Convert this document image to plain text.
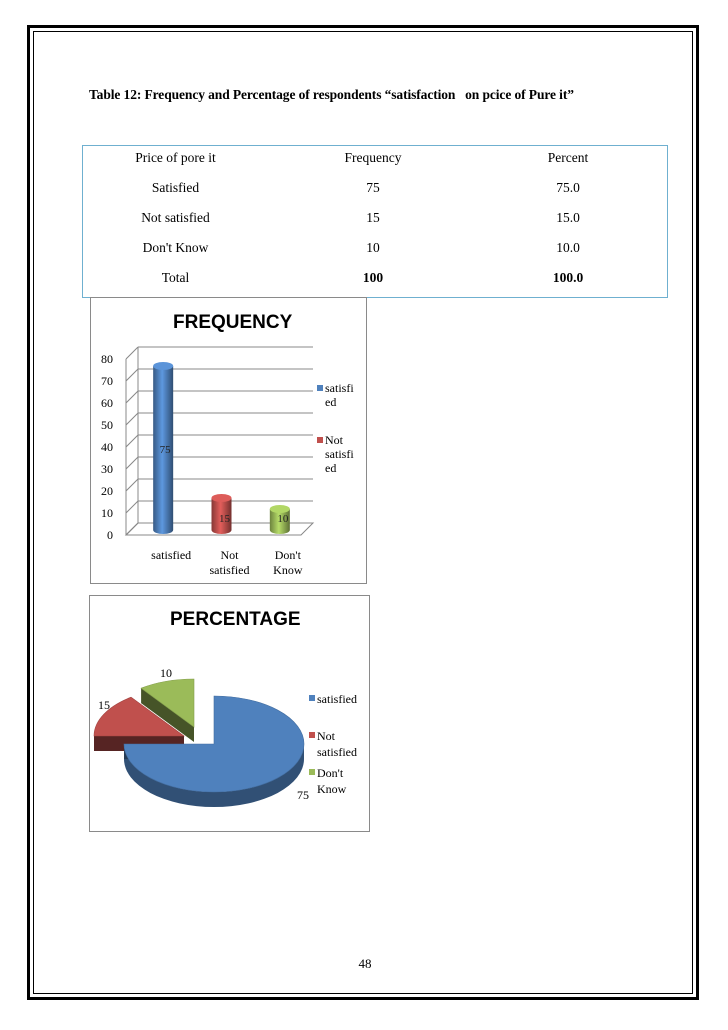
Table 12: Frequency and Percentage of respondents “satisfaction   on pcice of Pure it”
Price of pore it	Frequency	Percent
Satisfied	75	75.0
Not satisfied	15	15.0
Don't Know	10	10.0
Total	100	100.0
FREQUENCY
0
10
20
30
40
50
60
70
80
75
15	10
satisfied	Not satisfied
Don't Know
satisfi ed
Not satisfi ed
PERCENTAGE
75
15
10
satisfied
Not satisfied
Don't Know
48
